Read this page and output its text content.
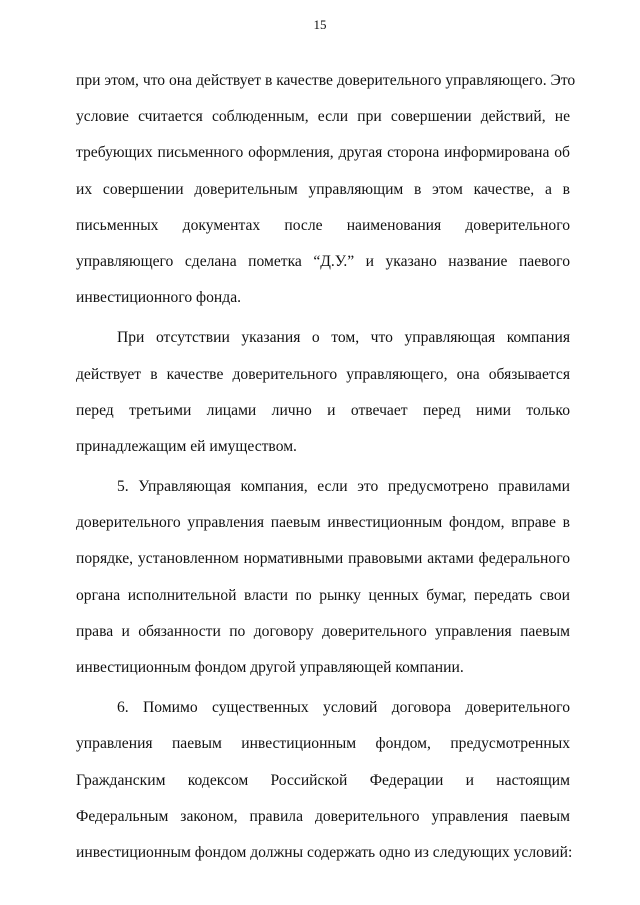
15
при этом, что она действует в качестве доверительного управляющего. Это
условие считается соблюденным, если при совершении действий, не
требующих письменного оформления, другая сторона информирована об
их совершении доверительным управляющим в этом качестве, а в
письменных документах после наименования доверительного
управляющего сделана пометка “Д.У.” и указано название паевого
инвестиционного фонда.
При отсутствии указания о том, что управляющая компания
действует в качестве доверительного управляющего, она обязывается
перед третьими лицами лично и отвечает перед ними только
принадлежащим ей имуществом.
5. Управляющая компания, если это предусмотрено правилами
доверительного управления паевым инвестиционным фондом, вправе в
порядке, установленном нормативными правовыми актами федерального
органа исполнительной власти по рынку ценных бумаг, передать свои
права и обязанности по договору доверительного управления паевым
инвестиционным фондом другой управляющей компании.
6. Помимо существенных условий договора доверительного
управления паевым инвестиционным фондом, предусмотренных
Гражданским кодексом Российской Федерации и настоящим
Федеральным законом, правила доверительного управления паевым
инвестиционным фондом должны содержать одно из следующих условий:
